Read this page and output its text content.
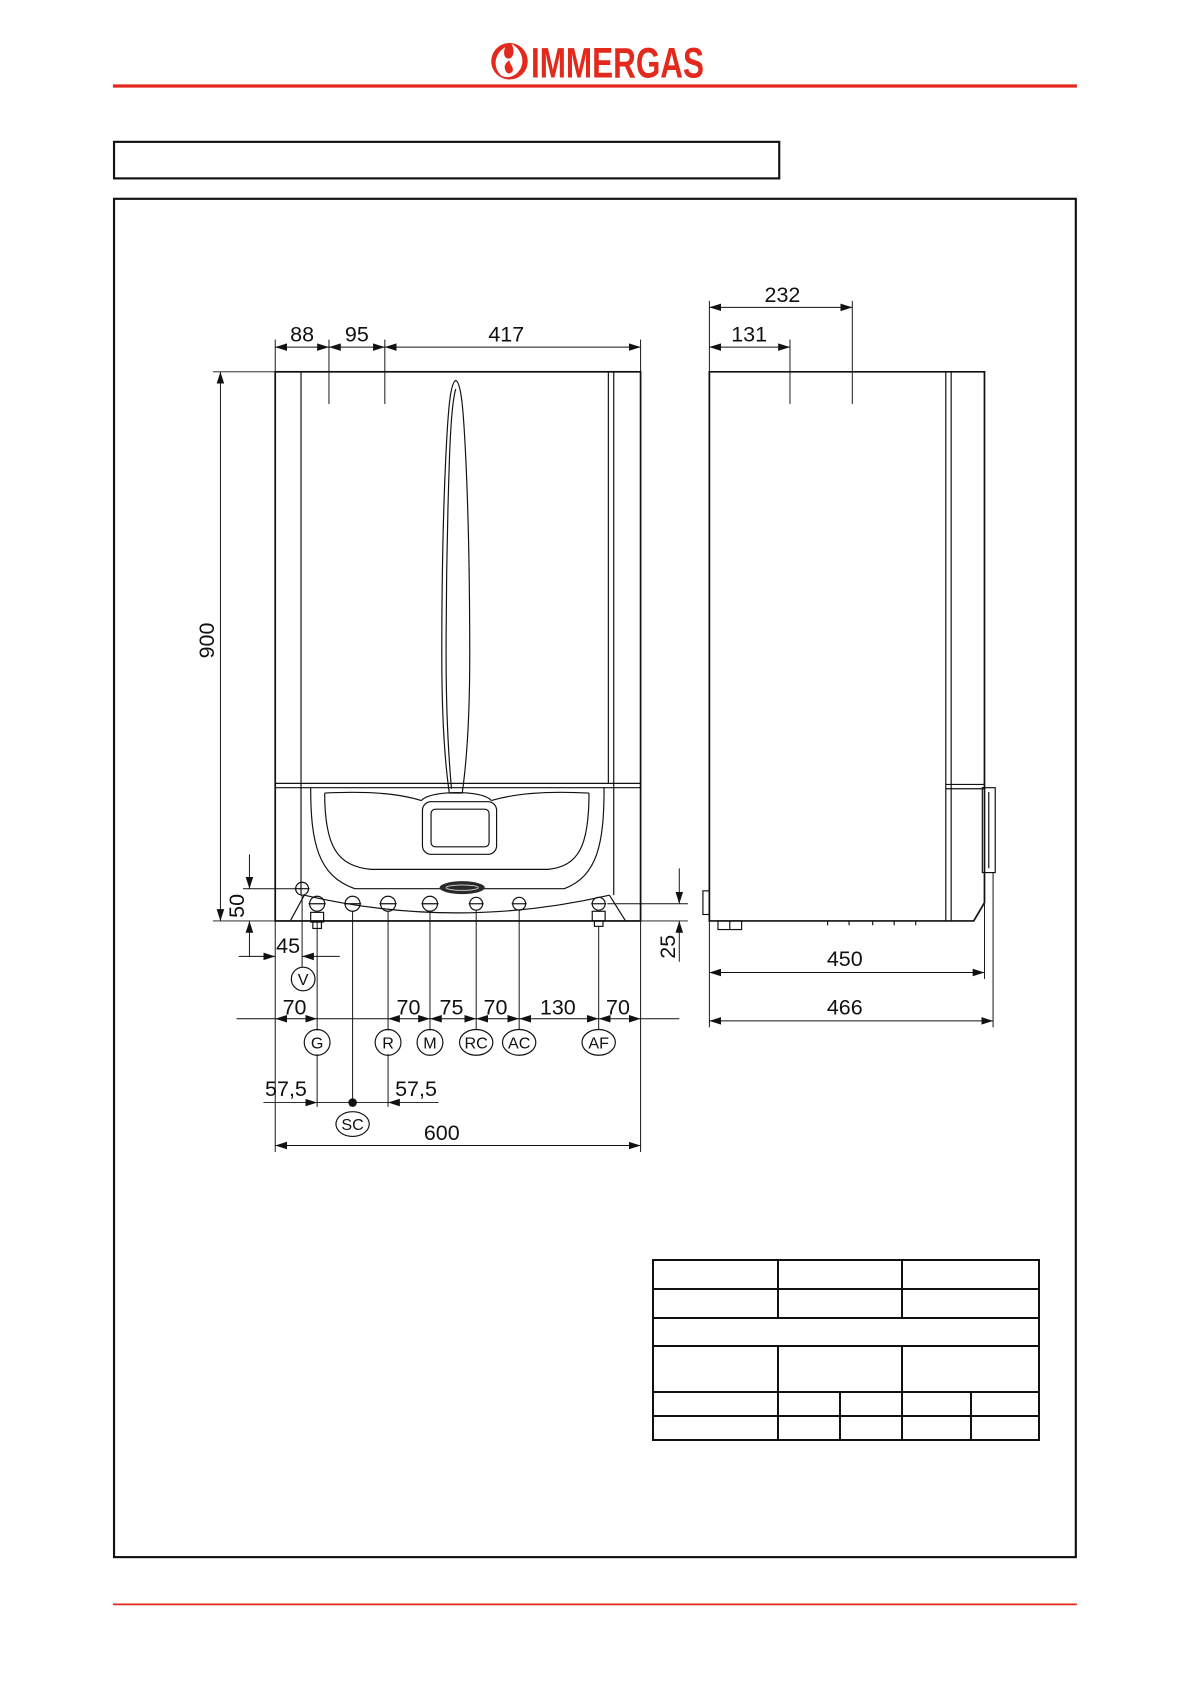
IMMERGAS
88 95	417
900
50
45	25
70	70 75 70 130 70
57,5	57,5
600
V
G	R M RC AC	AF
SC
232
131
450
466
